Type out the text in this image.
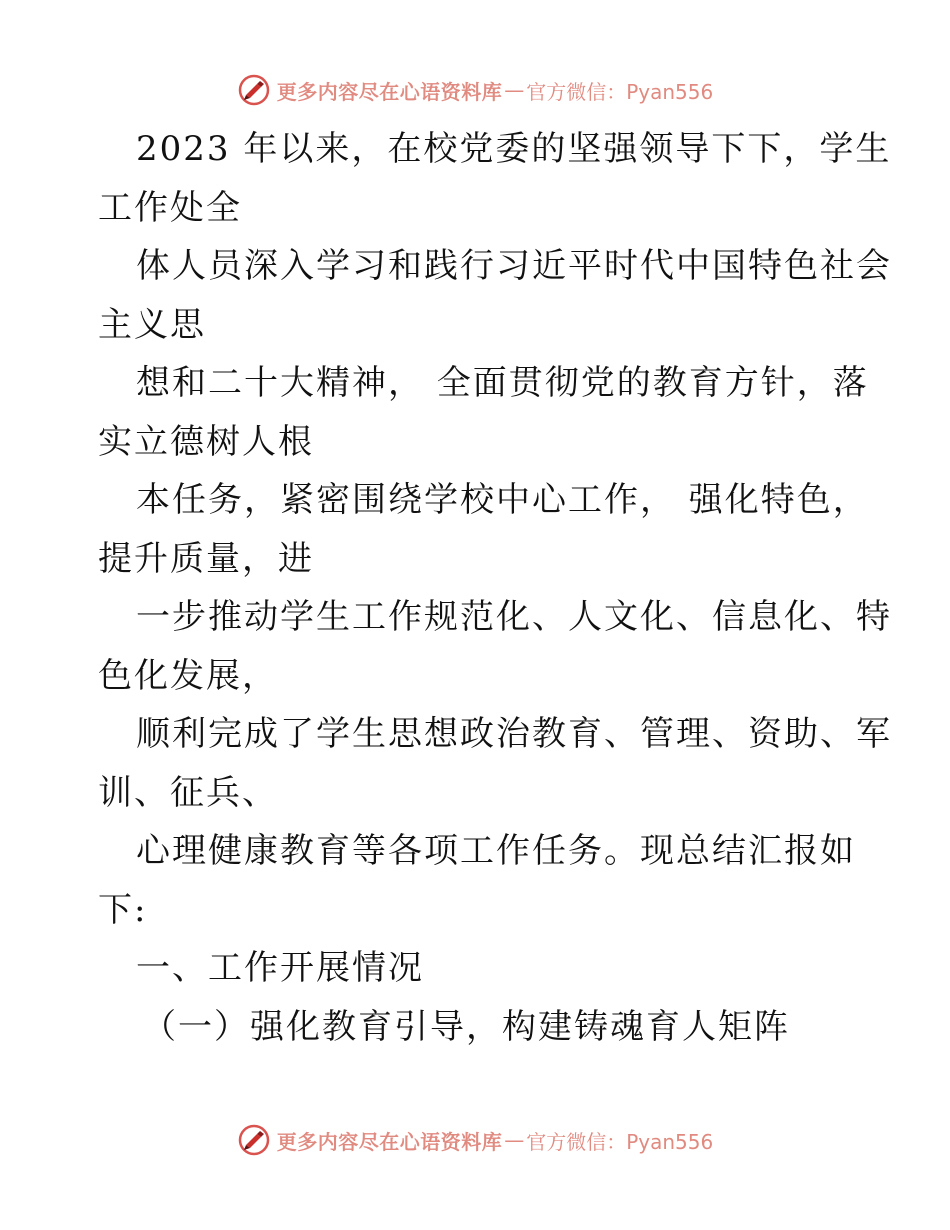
更多内容尽在心语资料库 — 官方微信：Pyan556

2023 年以来，在校党委的坚强领导下下，学生

工作处全

体人员深入学习和践行习近平时代中国特色社会

主义思

想和二十大精神， 全面贯彻党的教育方针，落

实立德树人根

本任务，紧密围绕学校中心工作， 强化特色，

提升质量，进

一步推动学生工作规范化、人文化、信息化、特

色化发展，

顺利完成了学生思想政治教育、管理、资助、军

训、征兵、

心理健康教育等各项工作任务。现总结汇报如

下:

一、工作开展情况

（一）强化教育引导，构建铸魂育人矩阵

更多内容尽在心语资料库 — 官方微信：Pyan556
